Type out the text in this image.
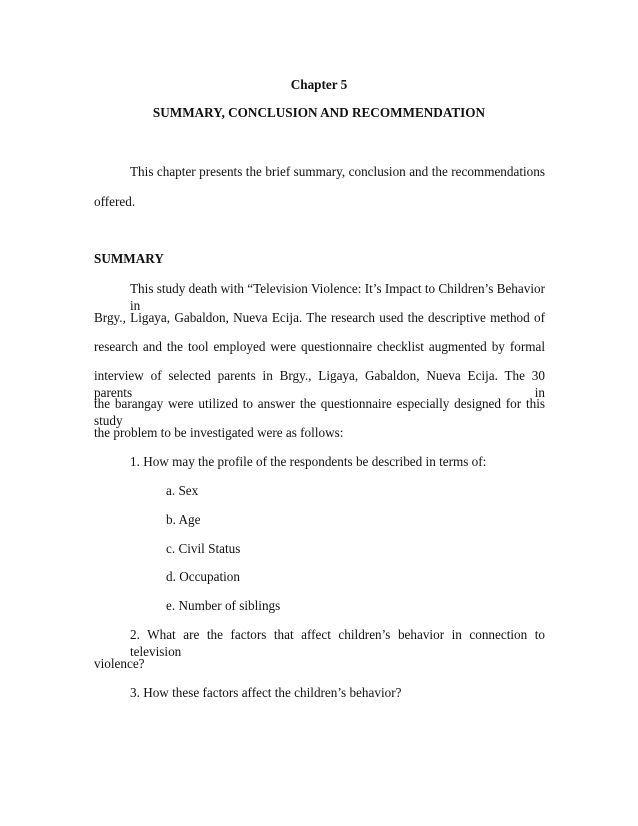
Chapter 5

SUMMARY, CONCLUSION AND RECOMMENDATION

This chapter presents the brief summary, conclusion and the recommendations

offered.

SUMMARY

This study death with “Television Violence: It’s Impact to Children’s Behavior in

Brgy., Ligaya, Gabaldon, Nueva Ecija. The research used the descriptive method of

research and the tool employed were questionnaire checklist augmented by formal

interview of selected parents in Brgy., Ligaya, Gabaldon, Nueva Ecija. The 30 parents in

the barangay were utilized to answer the questionnaire especially designed for this study

the problem to be investigated were as follows:

1. How may the profile of the respondents be described in terms of:

a. Sex

b. Age

c. Civil Status

d. Occupation

e. Number of siblings

2. What are the factors that affect children’s behavior in connection to television

violence?

3. How these factors affect the children’s behavior?
